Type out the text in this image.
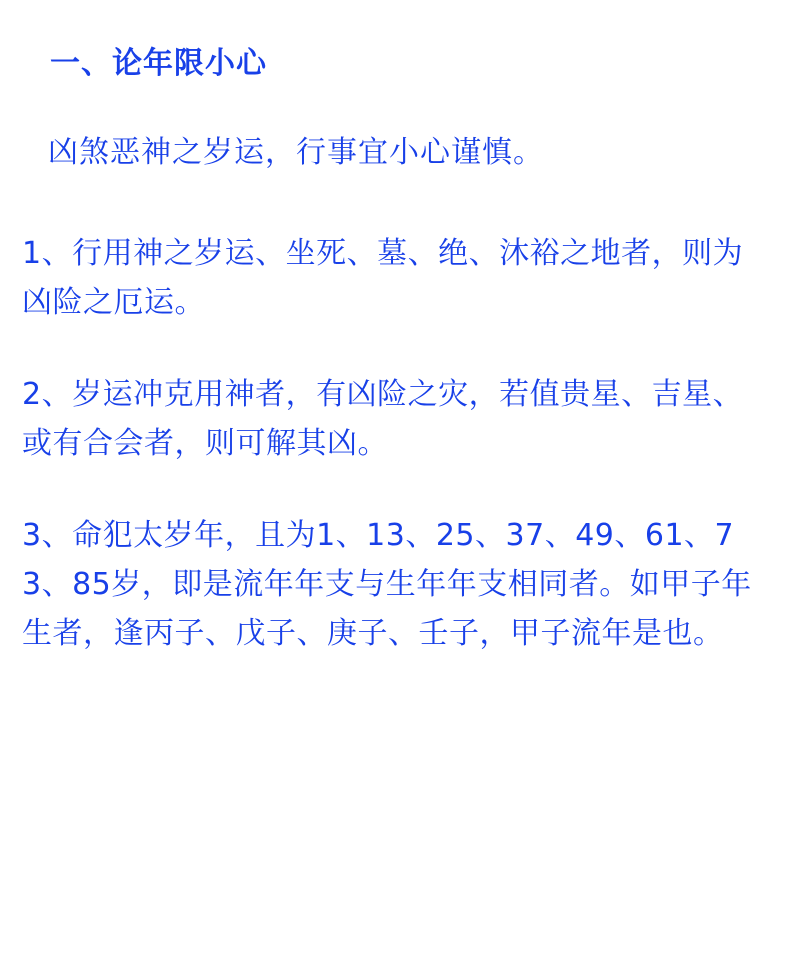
一、论年限小心

凶煞恶神之岁运，行事宜小心谨慎。

1、行用神之岁运、坐死、墓、绝、沐裕之地者，则为凶险之厄运。

2、岁运冲克用神者，有凶险之灾，若值贵星、吉星、或有合会者，则可解其凶。

3、命犯太岁年，且为1、13、25、37、49、61、73、85岁，即是流年年支与生年年支相同者。如甲子年生者，逢丙子、戊子、庚子、壬子，甲子流年是也。
